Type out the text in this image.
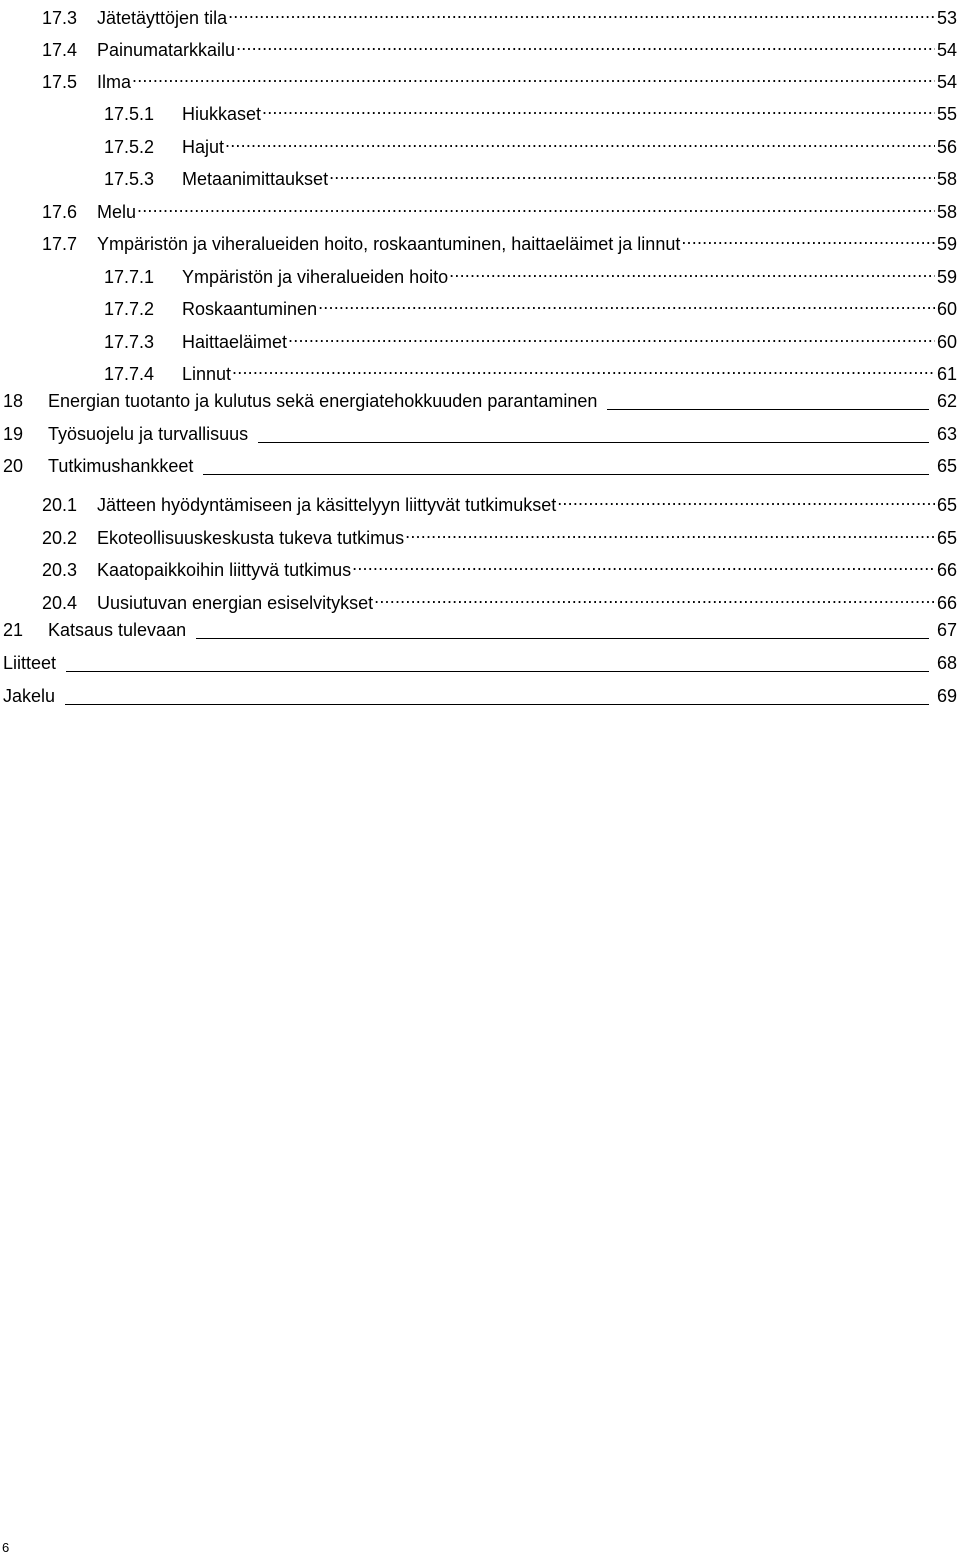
17.3	Jätetäyttöjen tila .....	53
17.4	Painumatarkkailu .....	54
17.5	Ilma .....	54
17.5.1	Hiukkaset .....	55
17.5.2	Hajut .....	56
17.5.3	Metaanimittaukset .....	58
17.6	Melu .....	58
17.7	Ympäristön ja viheralueiden hoito, roskaantuminen, haittaeläimet ja linnut .....	59
17.7.1	Ympäristön ja viheralueiden hoito .....	59
17.7.2	Roskaantuminen .....	60
17.7.3	Haittaeläimet .....	60
17.7.4	Linnut .....	61
18	Energian tuotanto ja kulutus sekä energiatehokkuuden parantaminen	62
19	Työsuojelu ja turvallisuus	63
20	Tutkimushankkeet	65
20.1	Jätteen hyödyntämiseen ja käsittelyyn liittyvät tutkimukset .....	65
20.2	Ekoteollisuuskeskusta tukeva tutkimus .....	65
20.3	Kaatopaikkoihin liittyvä tutkimus .....	66
20.4	Uusiutuvan energian esiselvitykset .....	66
21	Katsaus tulevaan	67
Liitteet	68
Jakelu	69
6
